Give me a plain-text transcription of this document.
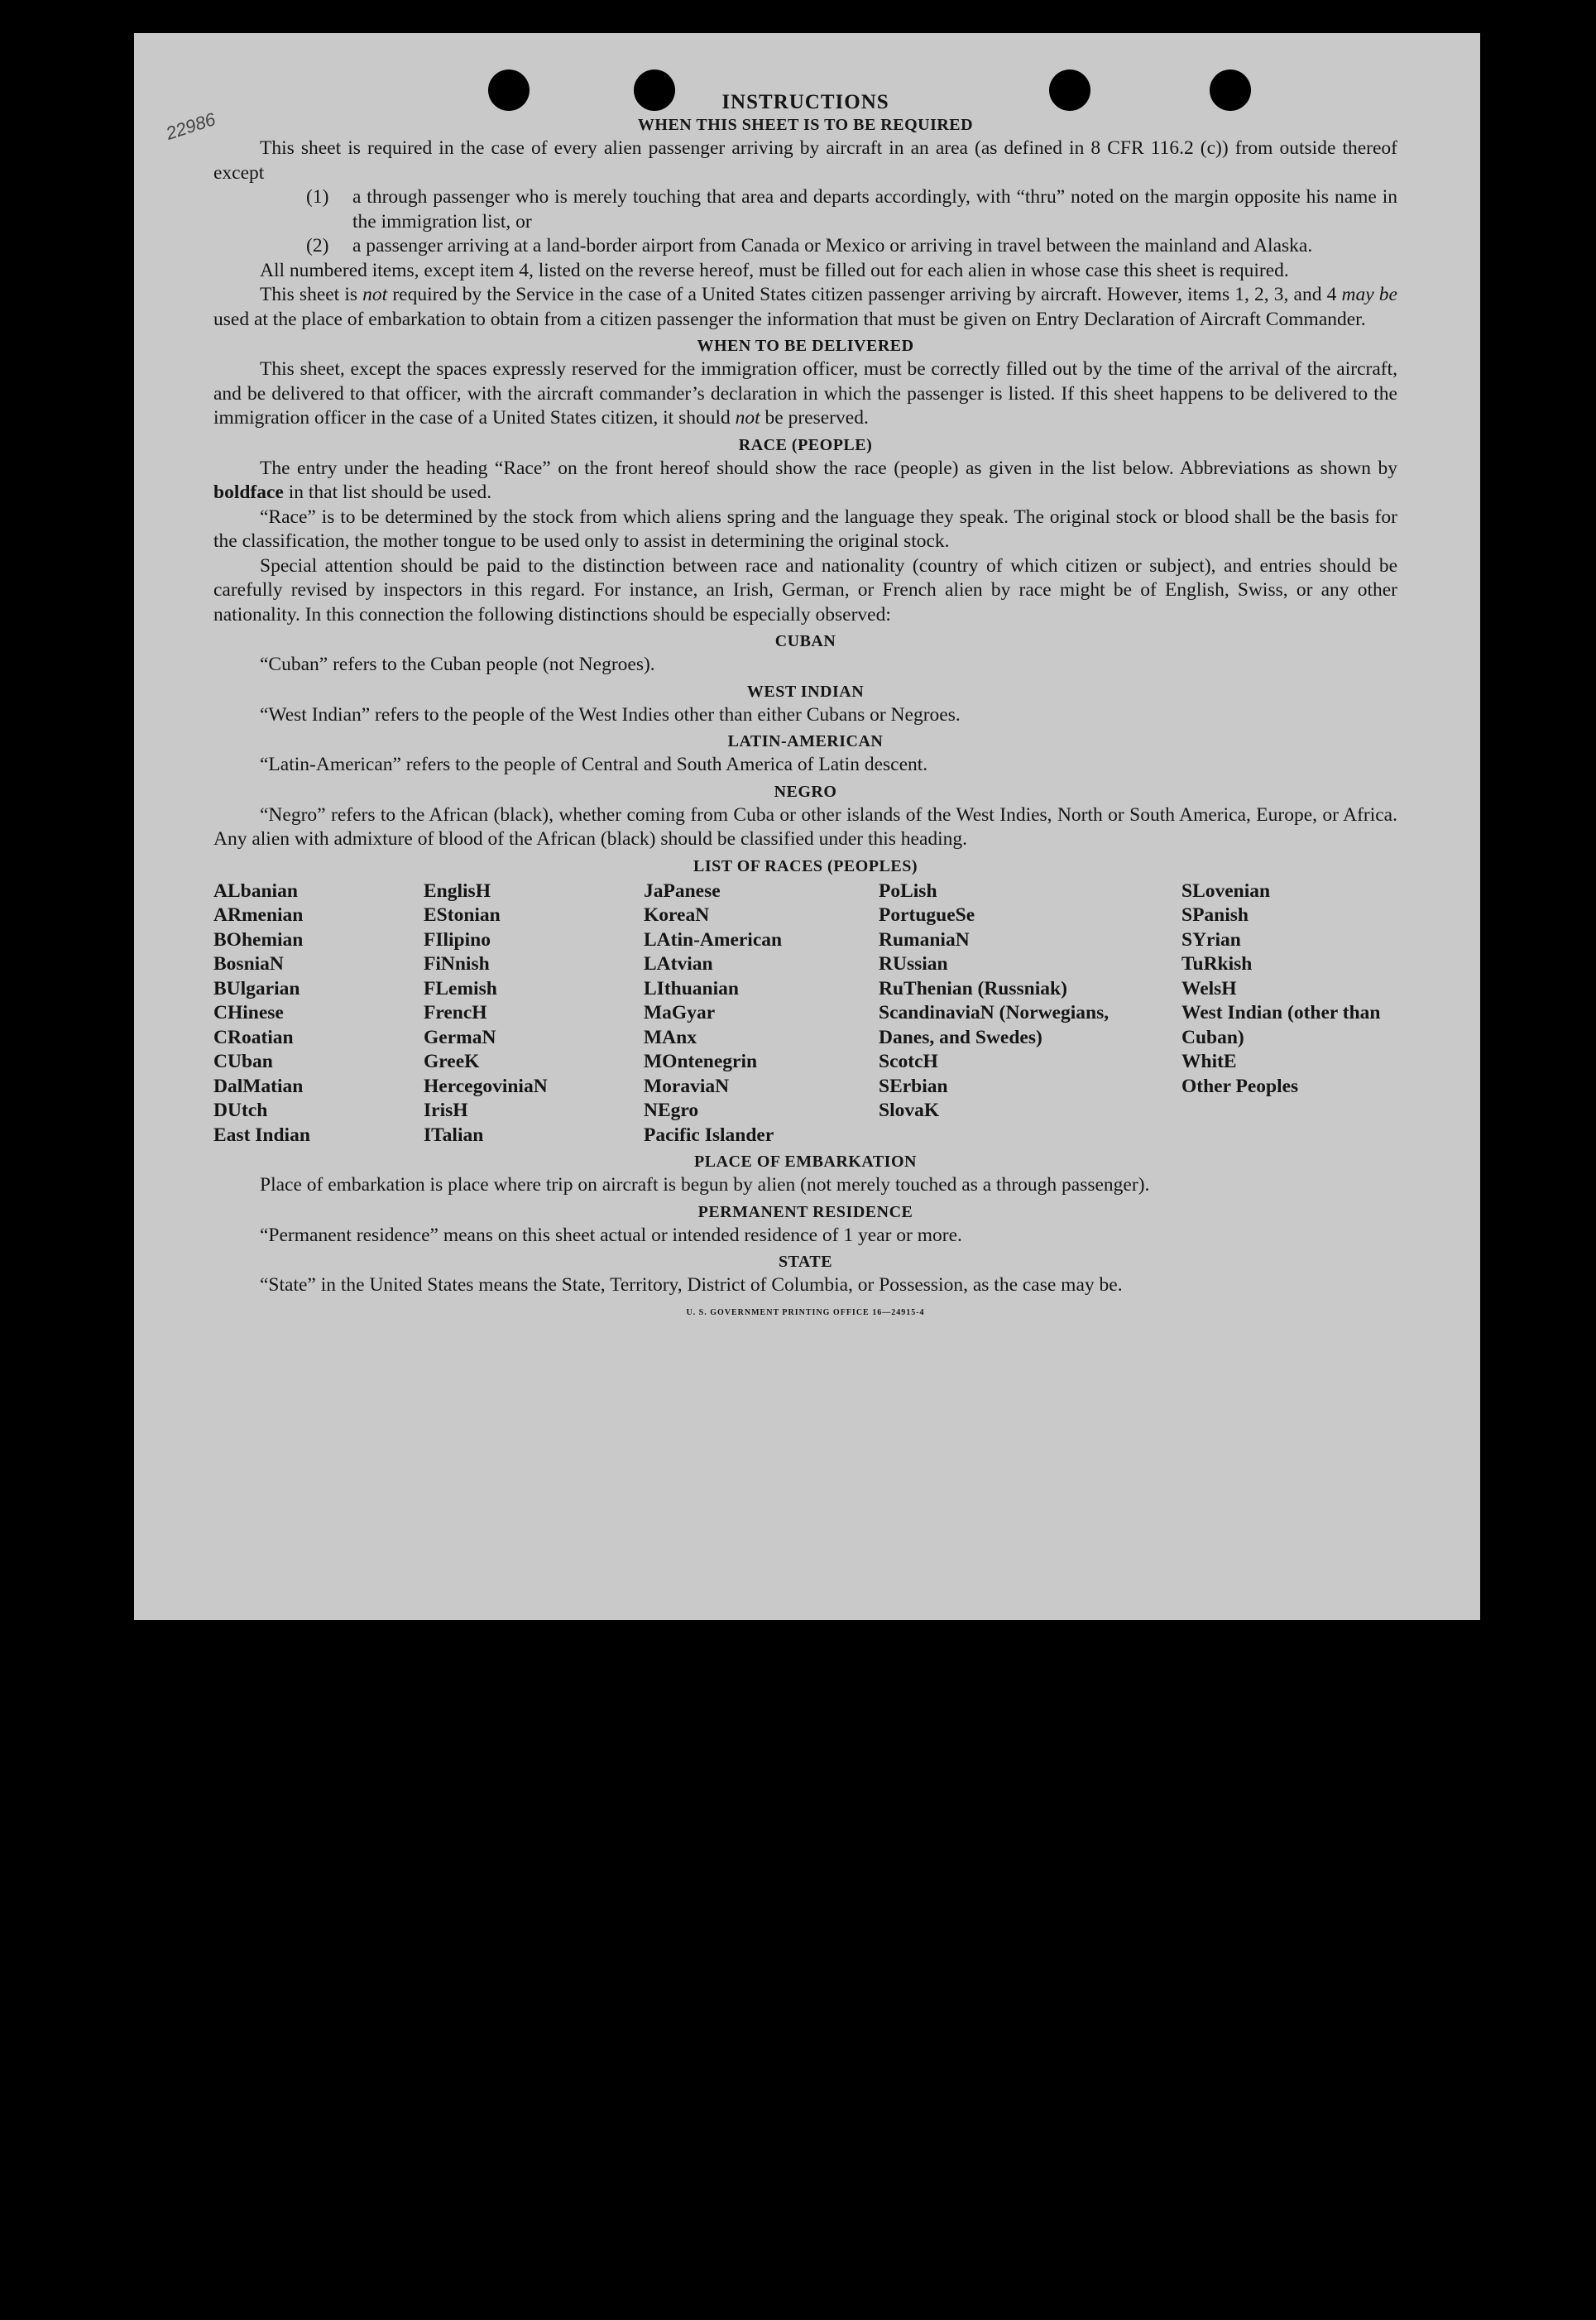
22986
INSTRUCTIONS
WHEN THIS SHEET IS TO BE REQUIRED

This sheet is required in the case of every alien passenger arriving by aircraft in an area (as defined in 8 CFR 116.2 (c)) from outside thereof except

(1)	a through passenger who is merely touching that area and departs accordingly, with “thru” noted on the margin opposite his name in the immigration list, or
(2)	a passenger arriving at a land-border airport from Canada or Mexico or arriving in travel between the mainland and Alaska.

All numbered items, except item 4, listed on the reverse hereof, must be filled out for each alien in whose case this sheet is required.

This sheet is not required by the Service in the case of a United States citizen passenger arriving by aircraft. However, items 1, 2, 3, and 4 may be used at the place of embarkation to obtain from a citizen passenger the information that must be given on Entry Declaration of Aircraft Commander.

WHEN TO BE DELIVERED

This sheet, except the spaces expressly reserved for the immigration officer, must be correctly filled out by the time of the arrival of the aircraft, and be delivered to that officer, with the aircraft commander’s declaration in which the passenger is listed. If this sheet happens to be delivered to the immigration officer in the case of a United States citizen, it should not be preserved.

RACE (PEOPLE)

The entry under the heading “Race” on the front hereof should show the race (people) as given in the list below. Abbreviations as shown by boldface in that list should be used.

“Race” is to be determined by the stock from which aliens spring and the language they speak. The original stock or blood shall be the basis for the classification, the mother tongue to be used only to assist in determining the original stock.

Special attention should be paid to the distinction between race and nationality (country of which citizen or subject), and entries should be carefully revised by inspectors in this regard. For instance, an Irish, German, or French alien by race might be of English, Swiss, or any other nationality. In this connection the following distinctions should be especially observed:

CUBAN

“Cuban” refers to the Cuban people (not Negroes).

WEST INDIAN

“West Indian” refers to the people of the West Indies other than either Cubans or Negroes.

LATIN-AMERICAN

“Latin-American” refers to the people of Central and South America of Latin descent.

NEGRO

“Negro” refers to the African (black), whether coming from Cuba or other islands of the West Indies, North or South America, Europe, or Africa. Any alien with admixture of blood of the African (black) should be classified under this heading.

LIST OF RACES (PEOPLES)
ALbanian
ARmenian
BOhemian
BosniaN
BUlgarian
CHinese
CRoatian
CUban
DalMatian
DUtch
East Indian
EnglisH
EStonian
FIlipino
FiNnish
FLemish
FrencH
GermaN
GreeK
HercegoviniaN
IrisH
ITalian
JaPanese
KoreaN
LAtin-American
LAtvian
LIthuanian
MaGyar
MAnx
MOntenegrin
MoraviaN
NEgro
Pacific Islander
PoLish
PortugueSe
RumaniaN
RUssian
RuThenian (Russniak)
ScandinaviaN (Norwegians, Danes, and Swedes)
ScotcH
SErbian
SlovaK
SLovenian
SPanish
SYrian
TuRkish
WelsH
West Indian (other than Cuban)
WhitE
Other Peoples
PLACE OF EMBARKATION

Place of embarkation is place where trip on aircraft is begun by alien (not merely touched as a through passenger).

PERMANENT RESIDENCE

“Permanent residence” means on this sheet actual or intended residence of 1 year or more.

STATE

“State” in the United States means the State, Territory, District of Columbia, or Possession, as the case may be.

U. S. GOVERNMENT PRINTING OFFICE 16—24915-4
